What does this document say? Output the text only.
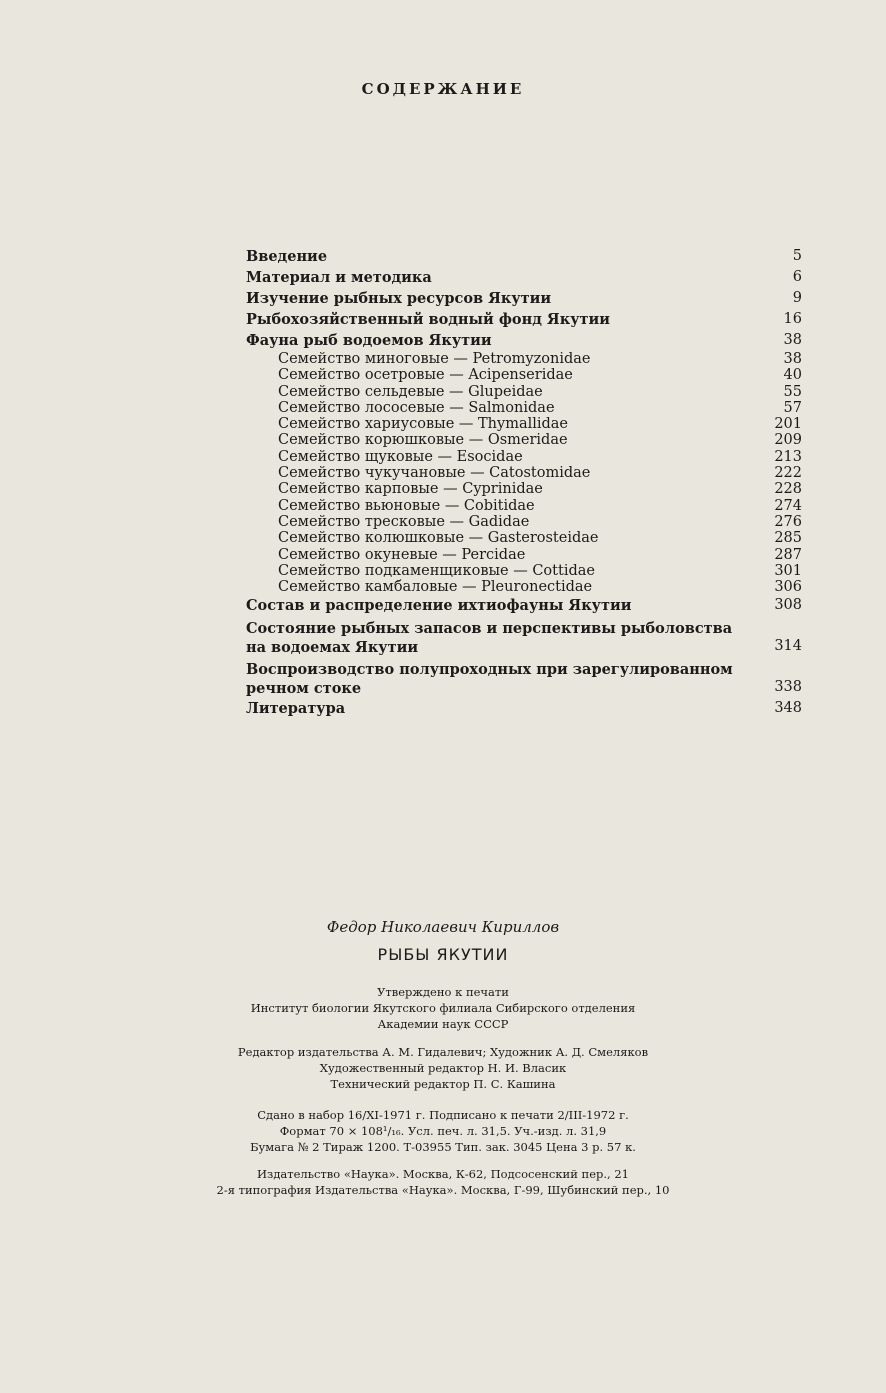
СОДЕРЖАНИЕ
Введение	5
Материал и методика	6
Изучение рыбных ресурсов Якутии	9
Рыбохозяйственный водный фонд Якутии	16
Фауна рыб водоемов Якутии	38
Семейство миноговые — Petromyzonidae	38
Семейство осетровые — Acipenseridae	40
Семейство сельдевые — Glupeidae	55
Семейство лососевые — Salmonidae	57
Семейство хариусовые — Thymallidae	201
Семейство корюшковые — Osmeridae	209
Семейство щуковые — Esocidae	213
Семейство чукучановые — Catostomidae	222
Семейство карповые — Cyprinidae	228
Семейство вьюновые — Cobitidae	274
Семейство тресковые — Gadidae	276
Семейство колюшковые — Gasterosteidae	285
Семейство окуневые — Percidae	287
Семейство подкаменщиковые — Cottidae	301
Семейство камбаловые — Pleuronectidae	306
Состав и распределение ихтиофауны Якутии	308
Состояние рыбных запасов и перспективы рыболовства
на водоемах Якутии	314
Воспроизводство полупроходных при зарегулированном
речном стоке	338
Литература	348
Федор Николаевич Кириллов
РЫБЫ ЯКУТИИ
Утверждено к печати
Институт биологии Якутского филиала Сибирского отделения
Академии наук СССР
Редактор издательства А. М. Гидалевич; Художник А. Д. Смеляков
Художественный редактор Н. И. Власик
Технический редактор П. С. Кашина
Сдано в набор 16/XI-1971 г. Подписано к печати 2/III-1972 г.
Формат 70 × 108¹/₁₆. Усл. печ. л. 31,5. Уч.-изд. л. 31,9
Бумага № 2 Тираж 1200. Т-03955 Тип. зак. 3045 Цена 3 р. 57 к.
Издательство «Наука». Москва, К-62, Подсосенский пер., 21
2-я типография Издательства «Наука». Москва, Г-99, Шубинский пер., 10
